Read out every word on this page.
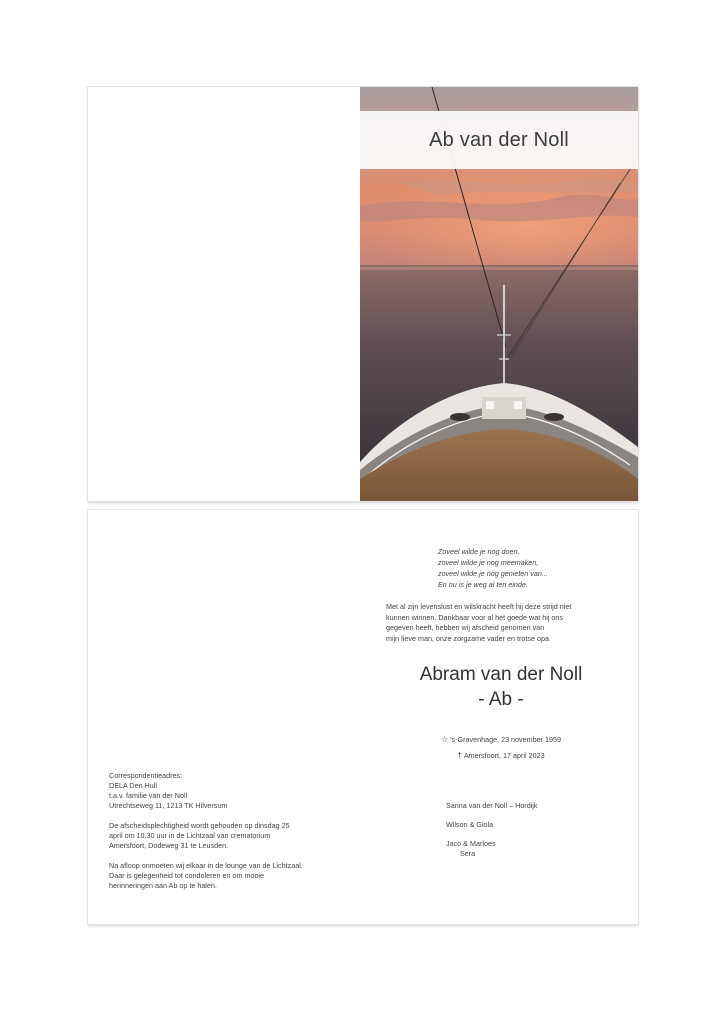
Ab van der Noll
Zoveel wilde je nog doen,
zoveel wilde je nog meemaken,
zoveel wilde je nog genieten van...
En nu is je weg al ten einde.
Met al zijn levenslust en wilskracht heeft hij deze strijd niet
kunnen winnen. Dankbaar voor al het goede wat hij ons
gegeven heeft, hebben wij afscheid genomen van
mijn lieve man, onze zorgzame vader en trotse opa
Abram van der Noll
- Ab -
☆ 's-Gravenhage, 23 november 1959
† Amersfoort, 17 april 2023
Sarina van der Noll – Hordijk
Wilson & Giola
Jaco & Marloes
Sera
Correspondentieadres:
DELA Den Hull
t.a.v. familie van der Noll
Utrechtseweg 11, 1213 TK Hilversum
De afscheidsplechtigheid wordt gehouden op dinsdag 25
april om 10.30 uur in de Lichtzaal van crematorium
Amersfoort, Dodeweg 31 te Leusden.
Na afloop onmoeten wij elkaar in de lounge van de Lichtzaal.
Daar is gelegenheid tot condoleren en om mooie
herinneringen aan Ab op te halen.
